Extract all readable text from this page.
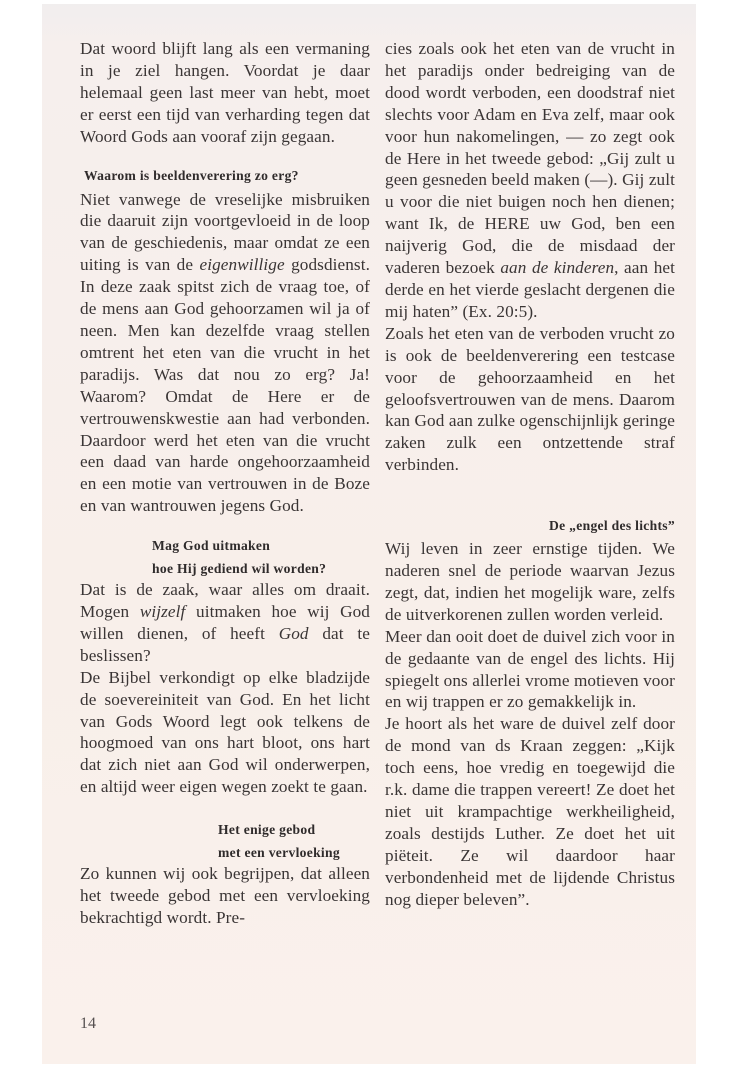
Dat woord blijft lang als een vermaning in je ziel hangen. Voordat je daar helemaal geen last meer van hebt, moet er eerst een tijd van verharding tegen dat Woord Gods aan vooraf zijn gegaan.

Waarom is beeldenverering zo erg?

Niet vanwege de vreselijke misbruiken die daaruit zijn voortgevloeid in de loop van de geschiedenis, maar omdat ze een uiting is van de eigenwillige godsdienst. In deze zaak spitst zich de vraag toe, of de mens aan God gehoorzamen wil ja of neen. Men kan dezelfde vraag stellen omtrent het eten van die vrucht in het paradijs. Was dat nou zo erg? Ja! Waarom? Omdat de Here er de vertrouwenskwestie aan had verbonden. Daardoor werd het eten van die vrucht een daad van harde ongehoorzaamheid en een motie van vertrouwen in de Boze en van wantrouwen jegens God.

Mag God uitmaken
hoe Hij gediend wil worden?

Dat is de zaak, waar alles om draait. Mogen wijzelf uitmaken hoe wij God willen dienen, of heeft God dat te beslissen?

De Bijbel verkondigt op elke bladzijde de soevereiniteit van God. En het licht van Gods Woord legt ook telkens de hoogmoed van ons hart bloot, ons hart dat zich niet aan God wil onderwerpen, en altijd weer eigen wegen zoekt te gaan.

Het enige gebod
met een vervloeking

Zo kunnen wij ook begrijpen, dat alleen het tweede gebod met een vervloeking bekrachtigd wordt. Pre-

cies zoals ook het eten van de vrucht in het paradijs onder bedreiging van de dood wordt verboden, een doodstraf niet slechts voor Adam en Eva zelf, maar ook voor hun nakomelingen, — zo zegt ook de Here in het tweede gebod: „Gij zult u geen gesneden beeld maken (—). Gij zult u voor die niet buigen noch hen dienen; want Ik, de HERE uw God, ben een naijverig God, die de misdaad der vaderen bezoek aan de kinderen, aan het derde en het vierde geslacht dergenen die mij haten” (Ex. 20:5).

Zoals het eten van de verboden vrucht zo is ook de beeldenverering een testcase voor de gehoorzaamheid en het geloofsvertrouwen van de mens. Daarom kan God aan zulke ogenschijnlijk geringe zaken zulk een ontzettende straf verbinden.

De „engel des lichts”

Wij leven in zeer ernstige tijden. We naderen snel de periode waarvan Jezus zegt, dat, indien het mogelijk ware, zelfs de uitverkorenen zullen worden verleid.

Meer dan ooit doet de duivel zich voor in de gedaante van de engel des lichts. Hij spiegelt ons allerlei vrome motieven voor en wij trappen er zo gemakkelijk in.

Je hoort als het ware de duivel zelf door de mond van ds Kraan zeggen: „Kijk toch eens, hoe vredig en toegewijd die r.k. dame die trappen vereert! Ze doet het niet uit krampachtige werkheiligheid, zoals destijds Luther. Ze doet het uit piëteit. Ze wil daardoor haar verbondenheid met de lijdende Christus nog dieper beleven”.

14
